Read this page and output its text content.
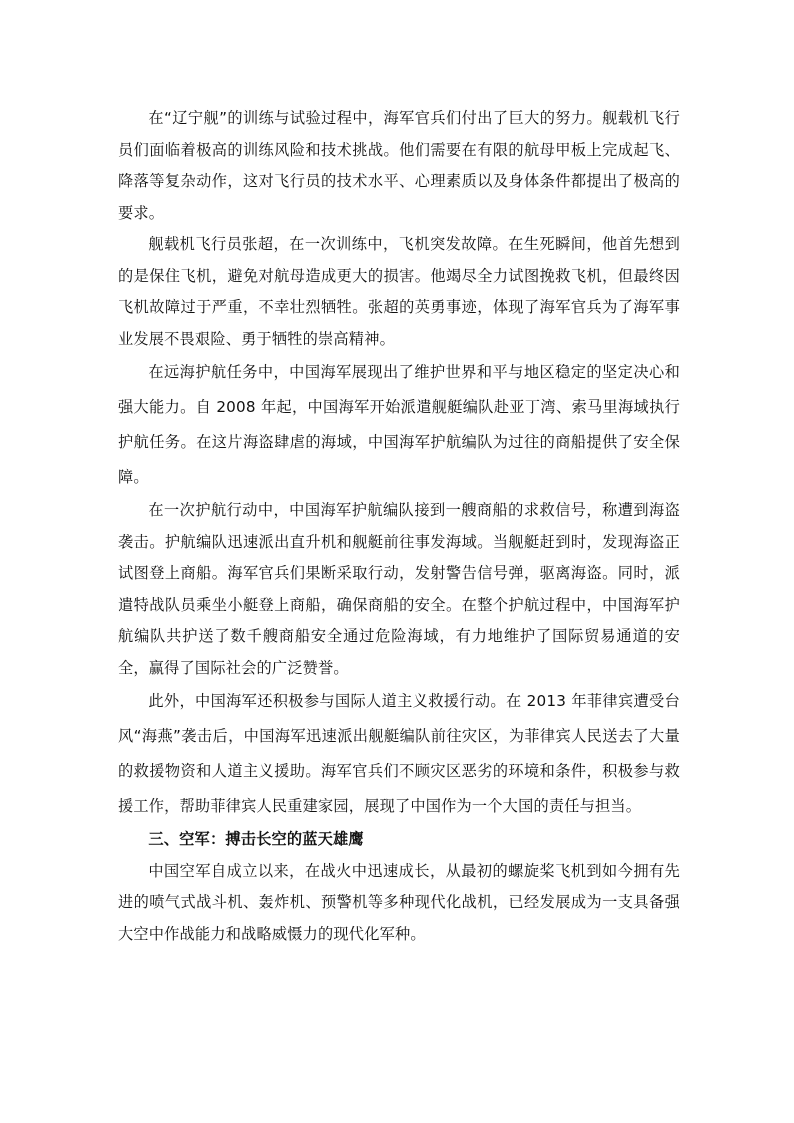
在“辽宁舰”的训练与试验过程中，海军官兵们付出了巨大的努力。舰载机飞行员们面临着极高的训练风险和技术挑战。他们需要在有限的航母甲板上完成起飞、降落等复杂动作，这对飞行员的技术水平、心理素质以及身体条件都提出了极高的要求。

舰载机飞行员张超，在一次训练中，飞机突发故障。在生死瞬间，他首先想到的是保住飞机，避免对航母造成更大的损害。他竭尽全力试图挽救飞机，但最终因飞机故障过于严重，不幸壮烈牺牲。张超的英勇事迹，体现了海军官兵为了海军事业发展不畏艰险、勇于牺牲的崇高精神。

在远海护航任务中，中国海军展现出了维护世界和平与地区稳定的坚定决心和强大能力。自 2008 年起，中国海军开始派遣舰艇编队赴亚丁湾、索马里海域执行护航任务。在这片海盗肆虐的海域，中国海军护航编队为过往的商船提供了安全保障。

在一次护航行动中，中国海军护航编队接到一艘商船的求救信号，称遭到海盗袭击。护航编队迅速派出直升机和舰艇前往事发海域。当舰艇赶到时，发现海盗正试图登上商船。海军官兵们果断采取行动，发射警告信号弹，驱离海盗。同时，派遣特战队员乘坐小艇登上商船，确保商船的安全。在整个护航过程中，中国海军护航编队共护送了数千艘商船安全通过危险海域，有力地维护了国际贸易通道的安全，赢得了国际社会的广泛赞誉。

此外，中国海军还积极参与国际人道主义救援行动。在 2013 年菲律宾遭受台风“海燕”袭击后，中国海军迅速派出舰艇编队前往灾区，为菲律宾人民送去了大量的救援物资和人道主义援助。海军官兵们不顾灾区恶劣的环境和条件，积极参与救援工作，帮助菲律宾人民重建家园，展现了中国作为一个大国的责任与担当。

三、空军：搏击长空的蓝天雄鹰

中国空军自成立以来，在战火中迅速成长，从最初的螺旋桨飞机到如今拥有先进的喷气式战斗机、轰炸机、预警机等多种现代化战机，已经发展成为一支具备强大空中作战能力和战略威慑力的现代化军种。
